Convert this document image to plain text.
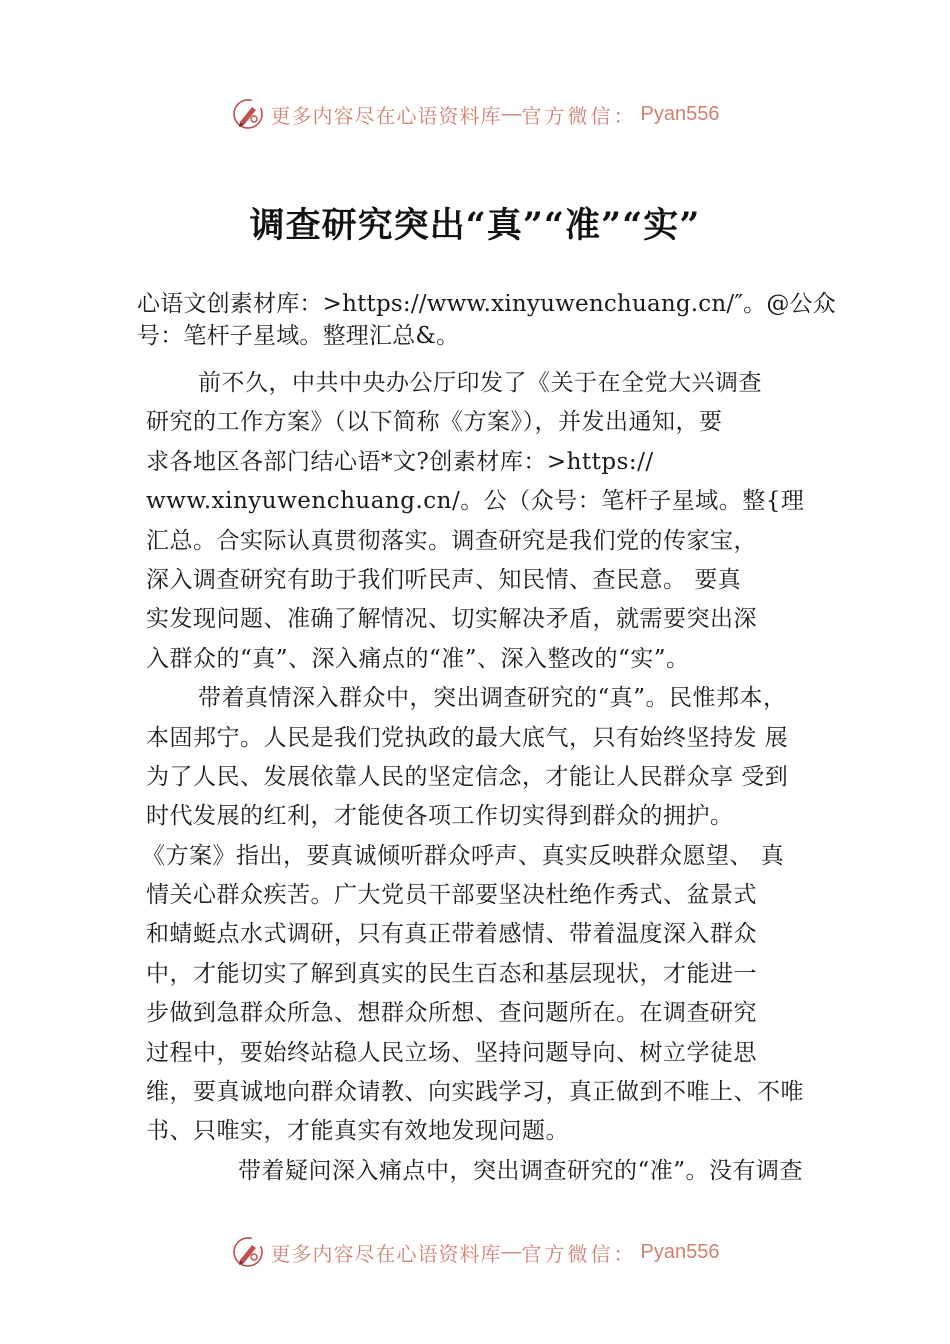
更多内容尽在心语资料库 — 官方微信： Pyan556
调查研究突出“真”“准”“实”
心语文创素材库：>https://www.xinyuwenchuang.cn/″。@公众
号：笔杆子星域。整理汇总&。
前不久，中共中央办公厅印发了《关于在全党大兴调查
研究的工作方案》（以下简称《方案》），并发出通知，要
求各地区各部门结心语*文?创素材库：>https://
www.xinyuwenchuang.cn/。公（众号：笔杆子星域。整{理
汇总。合实际认真贯彻落实。调查研究是我们党的传家宝，
深入调查研究有助于我们听民声、知民情、查民意。 要真
实发现问题、准确了解情况、切实解决矛盾，就需要突出深
入群众的“真”、深入痛点的“准”、深入整改的“实”。
带着真情深入群众中，突出调查研究的“真”。民惟邦本，
本固邦宁。人民是我们党执政的最大底气，只有始终坚持发 展
为了人民、发展依靠人民的坚定信念，才能让人民群众享 受到
时代发展的红利，才能使各项工作切实得到群众的拥护。
《方案》指出，要真诚倾听群众呼声、真实反映群众愿望、 真
情关心群众疾苦。广大党员干部要坚决杜绝作秀式、盆景式
和蜻蜓点水式调研，只有真正带着感情、带着温度深入群众
中，才能切实了解到真实的民生百态和基层现状，才能进一
步做到急群众所急、想群众所想、查问题所在。在调查研究
过程中，要始终站稳人民立场、坚持问题导向、树立学徒思
维，要真诚地向群众请教、向实践学习，真正做到不唯上、不唯
书、只唯实，才能真实有效地发现问题。
带着疑问深入痛点中，突出调查研究的“准”。没有调查
更多内容尽在心语资料库 — 官方微信： Pyan556
